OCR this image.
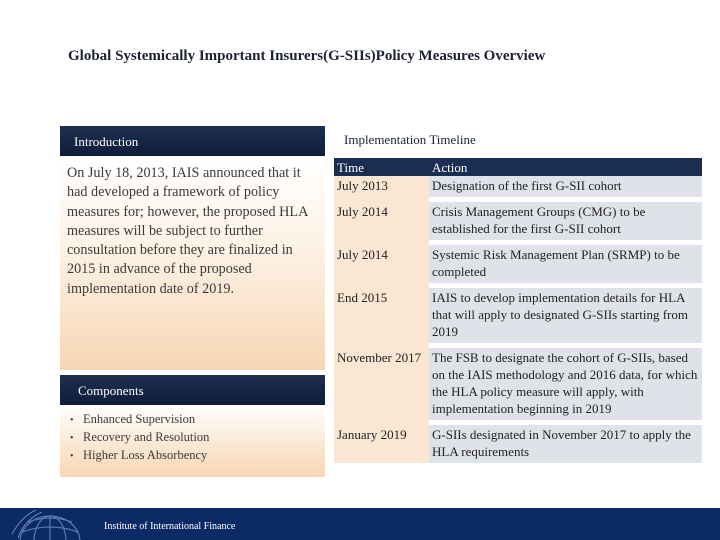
Global Systemically Important Insurers(G-SIIs)Policy Measures Overview
Introduction
On July 18, 2013, IAIS announced that it had developed a framework of policy measures for; however, the proposed HLA measures will be subject to further consultation before they are finalized in 2015 in advance of the proposed implementation date of 2019.
Components
• Enhanced Supervision
• Recovery and Resolution
• Higher Loss Absorbency
Implementation Timeline
Time	Action
July 2013	Designation of the first G-SII cohort

July 2014	Crisis Management Groups (CMG) to be established for the first G-SII cohort

July 2014	Systemic Risk Management Plan (SRMP) to be completed

End 2015	IAIS to develop implementation details for HLA that will apply to designated G-SIIs starting from 2019

November 2017	The FSB to designate the cohort of G-SIIs, based on the IAIS methodology and 2016 data, for which the HLA policy measure will apply, with implementation beginning in 2019

January 2019	G-SIIs designated in November 2017 to apply the HLA requirements
Institute of International Finance
